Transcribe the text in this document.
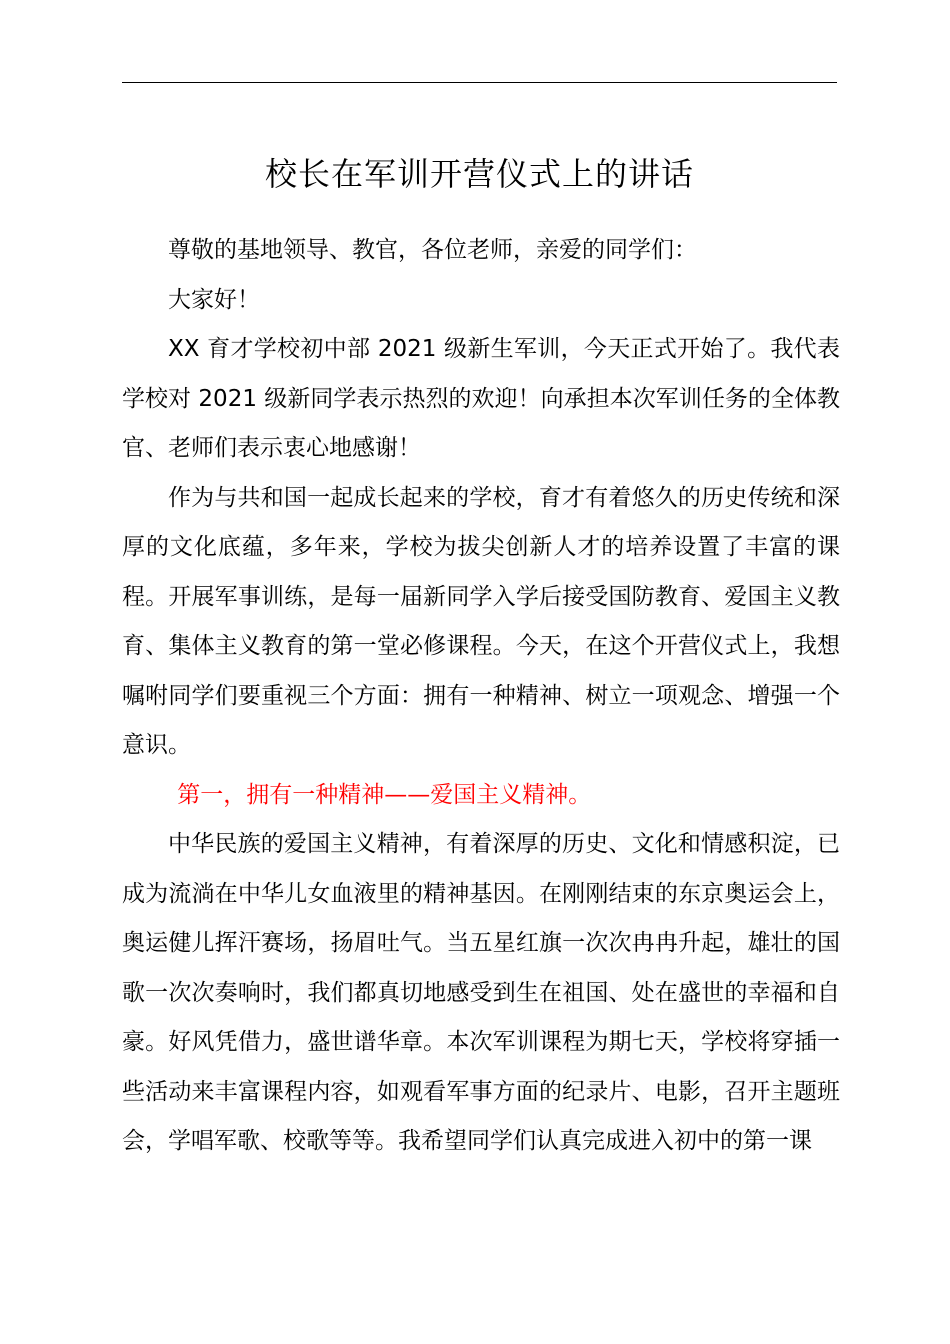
校长在军训开营仪式上的讲话

尊敬的基地领导、教官，各位老师，亲爱的同学们：

大家好！

XX 育才学校初中部 2021 级新生军训，今天正式开始了。我代表学校对 2021 级新同学表示热烈的欢迎！向承担本次军训任务的全体教官、老师们表示衷心地感谢！

作为与共和国一起成长起来的学校，育才有着悠久的历史传统和深厚的文化底蕴，多年来，学校为拔尖创新人才的培养设置了丰富的课程。开展军事训练，是每一届新同学入学后接受国防教育、爱国主义教育、集体主义教育的第一堂必修课程。今天，在这个开营仪式上，我想嘱咐同学们要重视三个方面：拥有一种精神、树立一项观念、增强一个意识。

第一，拥有一种精神——爱国主义精神。

中华民族的爱国主义精神，有着深厚的历史、文化和情感积淀，已成为流淌在中华儿女血液里的精神基因。在刚刚结束的东京奥运会上，奥运健儿挥汗赛场，扬眉吐气。当五星红旗一次次冉冉升起，雄壮的国歌一次次奏响时，我们都真切地感受到生在祖国、处在盛世的幸福和自豪。好风凭借力，盛世谱华章。本次军训课程为期七天，学校将穿插一些活动来丰富课程内容，如观看军事方面的纪录片、电影，召开主题班会，学唱军歌、校歌等等。我希望同学们认真完成进入初中的第一课
